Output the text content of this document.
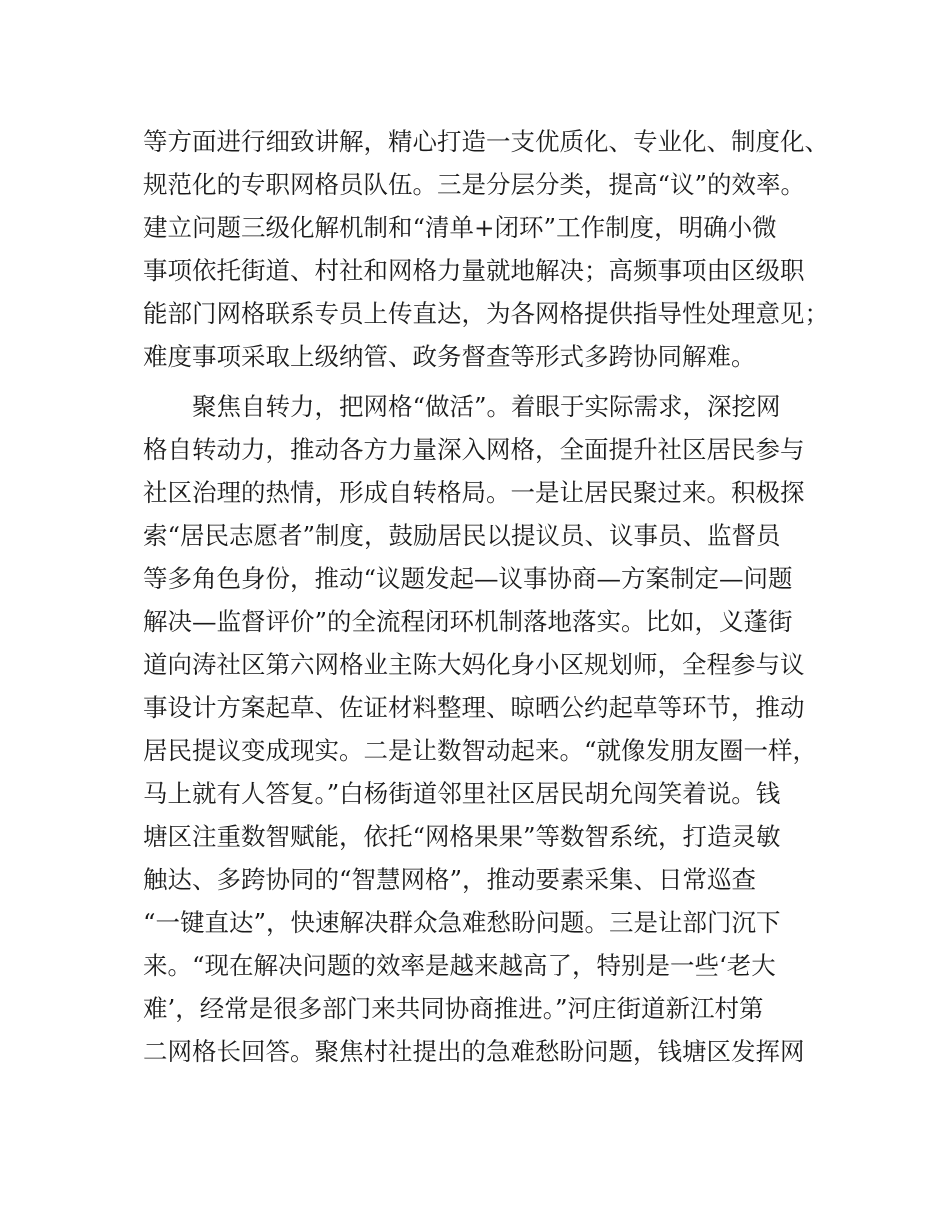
等方面进行细致讲解，精心打造一支优质化、专业化、制度化、
规范化的专职网格员队伍。三是分层分类，提高“议”的效率。
建立问题三级化解机制和“清单+闭环”工作制度，明确小微
事项依托街道、村社和网格力量就地解决；高频事项由区级职
能部门网格联系专员上传直达，为各网格提供指导性处理意见；
难度事项采取上级纳管、政务督查等形式多跨协同解难。
　　聚焦自转力，把网格“做活”。着眼于实际需求，深挖网
格自转动力，推动各方力量深入网格，全面提升社区居民参与
社区治理的热情，形成自转格局。一是让居民聚过来。积极探
索“居民志愿者”制度，鼓励居民以提议员、议事员、监督员
等多角色身份，推动“议题发起—议事协商—方案制定—问题
解决—监督评价”的全流程闭环机制落地落实。比如，义蓬街
道向涛社区第六网格业主陈大妈化身小区规划师，全程参与议
事设计方案起草、佐证材料整理、晾晒公约起草等环节，推动
居民提议变成现实。二是让数智动起来。“就像发朋友圈一样，
马上就有人答复。”白杨街道邻里社区居民胡允闯笑着说。钱
塘区注重数智赋能，依托“网格果果”等数智系统，打造灵敏
触达、多跨协同的“智慧网格”，推动要素采集、日常巡查
“一键直达”，快速解决群众急难愁盼问题。三是让部门沉下
来。“现在解决问题的效率是越来越高了，特别是一些‘老大
难’，经常是很多部门来共同协商推进。”河庄街道新江村第
二网格长回答。聚焦村社提出的急难愁盼问题，钱塘区发挥网
